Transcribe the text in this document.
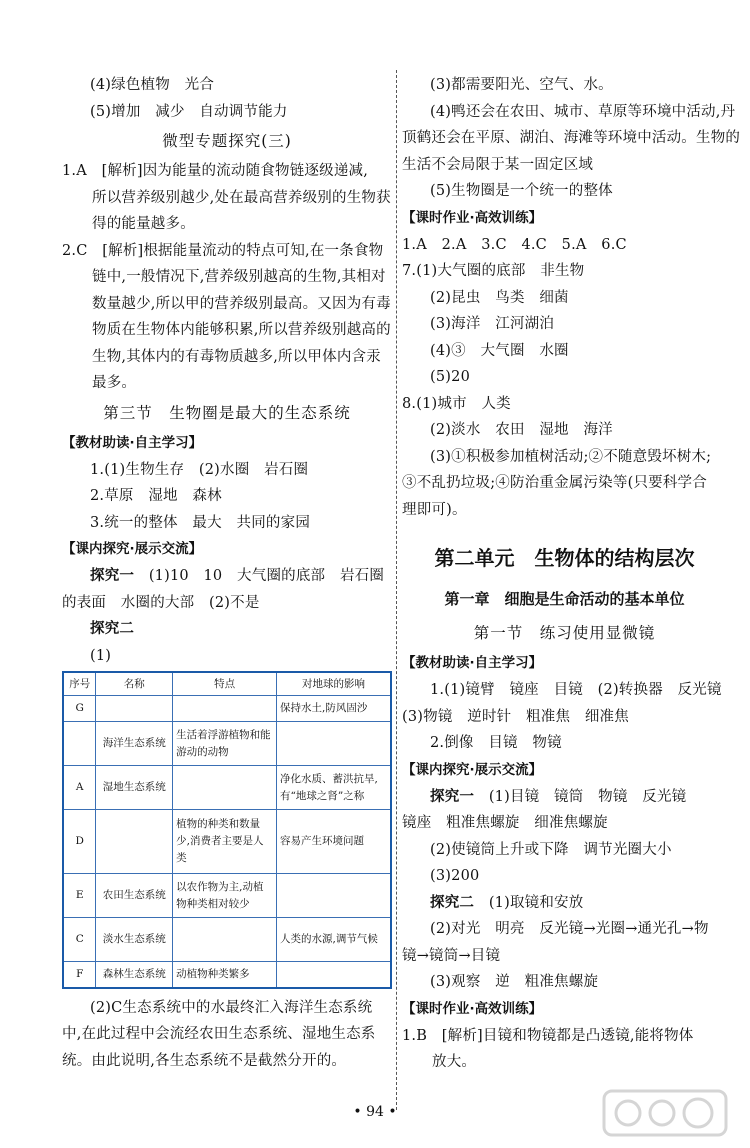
(4)绿色植物　光合
(5)增加　减少　自动调节能力
微型专题探究(三)
1.A　[解析]因为能量的流动随食物链逐级递减,
所以营养级别越少,处在最高营养级别的生物获
得的能量越多。
2.C　[解析]根据能量流动的特点可知,在一条食物
链中,一般情况下,营养级别越高的生物,其相对
数量越少,所以甲的营养级别最高。又因为有毒
物质在生物体内能够积累,所以营养级别越高的
生物,其体内的有毒物质越多,所以甲体内含汞
最多。
第三节　生物圈是最大的生态系统
【教材助读·自主学习】
1.(1)生物生存　(2)水圈　岩石圈
2.草原　湿地　森林
3.统一的整体　最大　共同的家园
【课内探究·展示交流】
探究一　 (1)10　10　大气圈的底部　岩石圈
的表面　水圈的大部　(2)不是
探究二
(1)
序号	名称	特点	对地球的影响
G			保持水土,防风固沙
	海洋生态系统	生活着浮游植物和能游动的动物	
A	湿地生态系统		净化水质、蓄洪抗旱,有“地球之肾”之称
D		植物的种类和数量少,消费者主要是人类	容易产生环境问题
E	农田生态系统	以农作物为主,动植物种类相对较少	
C	淡水生态系统		人类的水源,调节气候
F	森林生态系统	动植物种类繁多	
(2)C生态系统中的水最终汇入海洋生态系统
中,在此过程中会流经农田生态系统、湿地生态系
统。由此说明,各生态系统不是截然分开的。
(3)都需要阳光、空气、水。
(4)鸭还会在农田、城市、草原等环境中活动,丹
顶鹤还会在平原、湖泊、海滩等环境中活动。生物的
生活不会局限于某一固定区域
(5)生物圈是一个统一的整体
【课时作业·高效训练】
1.A　2.A　3.C　4.C　5.A　6.C
7.(1)大气圈的底部　非生物
(2)昆虫　鸟类　细菌
(3)海洋　江河湖泊
(4)③　大气圈　水圈
(5)20
8.(1)城市　人类
(2)淡水　农田　湿地　海洋
(3)①积极参加植树活动;②不随意毁坏树木;
③不乱扔垃圾;④防治重金属污染等(只要科学合
理即可)。
第二单元　生物体的结构层次
第一章　细胞是生命活动的基本单位
第一节　练习使用显微镜
【教材助读·自主学习】
1.(1)镜臂　镜座　目镜　(2)转换器　反光镜
(3)物镜　逆时针　粗准焦　细准焦
2.倒像　目镜　物镜
【课内探究·展示交流】
探究一　 (1)目镜　镜筒　物镜　反光镜
镜座　粗准焦螺旋　细准焦螺旋
(2)使镜筒上升或下降　调节光圈大小
(3)200
探究二　 (1)取镜和安放
(2)对光　明亮　反光镜→光圈→通光孔→物
镜→镜筒→目镜
(3)观察　逆　粗准焦螺旋
【课时作业·高效训练】
1.B　[解析]目镜和物镜都是凸透镜,能将物体
放大。
• 94 •
